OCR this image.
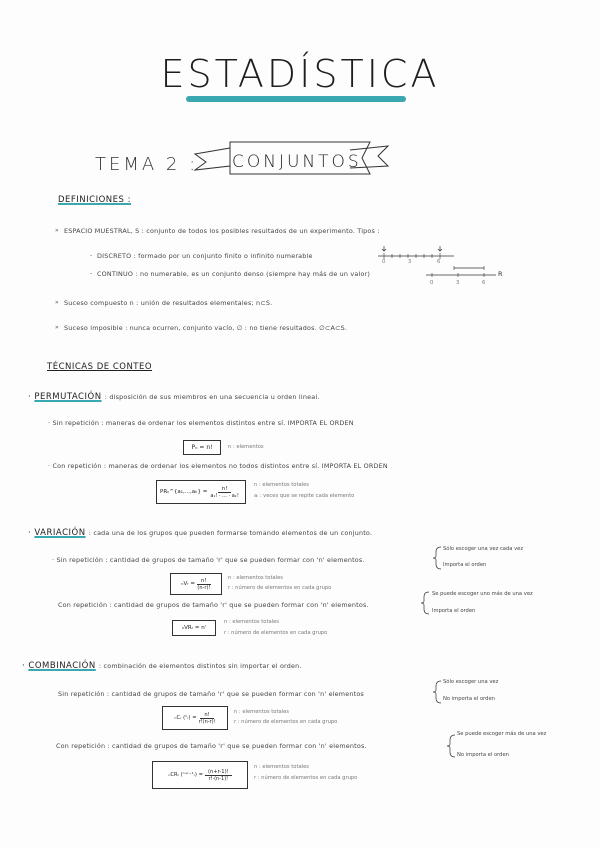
ESTADÍSTICA
TEMA 2 : CONJUNTOS
DEFINICIONES :
» ESPACIO MUESTRAL, S : conjunto de todos los posibles resultados de un experimento. Tipos :
- DISCRETO : formado por un conjunto finito o infinito numerable
0	3	6
- CONTINUO : no numerable, es un conjunto denso (siempre hay más de un valor)	R
0	3	6
» Suceso compuesto n : unión de resultados elementales; n⊂S.
» Suceso imposible : nunca ocurren, conjunto vacío, ∅ : no tiene resultados. ∅⊂A⊂S.
TÉCNICAS DE CONTEO
· PERMUTACIÓN : disposición de sus miembros en una secuencia u orden lineal.
· Sin repetición : maneras de ordenar los elementos distintos entre sí. IMPORTA EL ORDEN
Pₙ = n!	n : elementos
· Con repetición : maneras de ordenar los elementos no todos distintos entre sí. IMPORTA EL ORDEN
PRₙ^{a₁,...,aₖ} = $\frac{n!}{\text{a₁! · ... · aₖ!}}$
n : elementos totales
aᵢ : veces que se repite cada elemento
· VARIACIÓN : cada una de los grupos que pueden formarse tomando elementos de un conjunto.
· Sin repetición : cantidad de grupos de tamaño 'r' que se pueden formar con 'n' elementos.
Sólo escoger una vez cada vez
Importa el orden
ₙVᵣ = $\frac{n!}{(n-r)!}$	n : elementos totales
r : número de elementos en cada grupo
Con repetición : cantidad de grupos de tamaño 'r' que se pueden formar con 'n' elementos.
Se puede escoger uno más de una vez
Importa el orden
ₙVRᵣ = nʳ
n : elementos totales
r : número de elementos en cada grupo
· COMBINACIÓN : combinación de elementos distintos sin importar el orden.
Sin repetición : cantidad de grupos de tamaño 'r' que se pueden formar con 'n' elementos
Sólo escoger una vez
No importa el orden
ₙCᵣ (ⁿᵣ) = $\frac{n!}{r!(n-r)!}$	n : elementos totales
r : número de elementos en cada grupo
Con repetición : cantidad de grupos de tamaño 'r' que se pueden formar con 'n' elementos.
Se puede escoger más de una vez
No importa el orden
ₙCRᵣ (ⁿ⁺ʳ⁻¹ᵣ) = $\frac{(n+r-1)!}{r!\cdot(n-1)!}$
n : elementos totales
r : número de elementos en cada grupo
